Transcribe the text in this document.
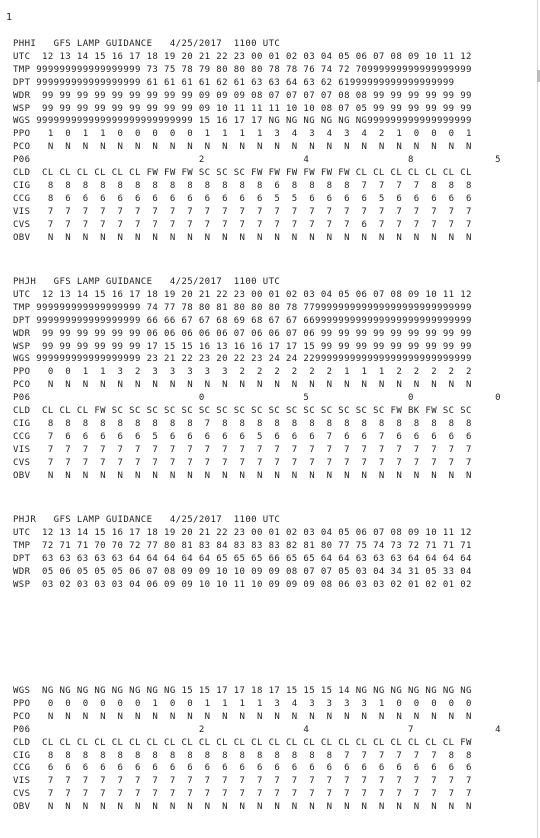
1
PHHI   GFS LAMP GUIDANCE   4/25/2017  1100 UTC
UTC  12 13 14 15 16 17 18 19 20 21 22 23 00 01 02 03 04 05 06 07 08 09 10 11 12
TMP 999999999999999999 73 75 78 79 80 80 80 78 78 76 74 72 70999999999999999999
DPT 999999999999999999 61 61 61 61 62 61 63 63 64 63 62 61999999999999999999
WDR  99 99 99 99 99 99 99 99 99 09 09 09 08 07 07 07 07 08 08 99 99 99 99 99 99
WSP  99 99 99 99 99 99 99 99 99 09 10 11 11 11 10 10 08 07 05 99 99 99 99 99 99
WGS 999999999999999999999999999 15 16 17 17 NG NG NG NG NG NG999999999999999999
PPO   1  0  1  1  0  0  0  0  0  1  1  1  1  3  4  3  4  3  4  2  1  0  0  0  1
PCO   N  N  N  N  N  N  N  N  N  N  N  N  N  N  N  N  N  N  N  N  N  N  N  N  N
P06                             2                 4                 8              5
CLD  CL CL CL CL CL CL FW FW FW SC SC SC FW FW FW FW FW FW CL CL CL CL CL CL CL
CIG   8  8  8  8  8  8  8  8  8  8  8  8  8  6  8  8  8  8  7  7  7  7  8  8  8
CCG   8  6  6  6  6  6  6  6  6  6  6  6  6  5  5  6  6  6  6  5  6  6  6  6  6
VIS   7  7  7  7  7  7  7  7  7  7  7  7  7  7  7  7  7  7  7  7  7  7  7  7  7
CVS   7  7  7  7  7  7  7  7  7  7  7  7  7  7  7  7  7  7  6  7  7  7  7  7  7
OBV   N  N  N  N  N  N  N  N  N  N  N  N  N  N  N  N  N  N  N  N  N  N  N  N  N
PHJH   GFS LAMP GUIDANCE   4/25/2017  1100 UTC
UTC  12 13 14 15 16 17 18 19 20 21 22 23 00 01 02 03 04 05 06 07 08 09 10 11 12
TMP 999999999999999999 74 77 78 80 81 80 80 80 78 77999999999999999999999999999
DPT 999999999999999999 66 66 67 67 68 69 68 67 67 66999999999999999999999999999
WDR  99 99 99 99 99 99 06 06 06 06 06 07 06 06 07 06 99 99 99 99 99 99 99 99 99
WSP  99 99 99 99 99 99 17 15 15 16 13 16 16 17 17 15 99 99 99 99 99 99 99 99 99
WGS 999999999999999999 23 21 22 23 20 22 23 24 24 22999999999999999999999999999
PPO   0  0  1  1  3  2  3  3  3  3  3  2  2  2  2  2  2  1  1  1  2  2  2  2  2
PCO   N  N  N  N  N  N  N  N  N  N  N  N  N  N  N  N  N  N  N  N  N  N  N  N  N
P06                             0                 5                 0              0
CLD  CL CL CL FW SC SC SC SC SC SC SC SC SC SC SC SC SC SC SC SC FW BK FW SC SC
CIG   8  8  8  8  8  8  8  8  8  7  8  8  8  8  8  8  8  8  8  8  8  8  8  8  8
CCG   7  6  6  6  6  6  5  6  6  6  6  6  5  6  6  6  7  6  6  7  6  6  6  6  6
VIS   7  7  7  7  7  7  7  7  7  7  7  7  7  7  7  7  7  7  7  7  7  7  7  7  7
CVS   7  7  7  7  7  7  7  7  7  7  7  7  7  7  7  7  7  7  7  7  7  7  7  7  7
OBV   N  N  N  N  N  N  N  N  N  N  N  N  N  N  N  N  N  N  N  N  N  N  N  N  N
PHJR   GFS LAMP GUIDANCE   4/25/2017  1100 UTC
UTC  12 13 14 15 16 17 18 19 20 21 22 23 00 01 02 03 04 05 06 07 08 09 10 11 12
TMP  72 71 71 70 70 72 77 80 81 83 84 83 83 83 82 81 80 77 75 74 73 72 71 71 71
DPT  63 63 63 63 63 64 64 64 64 64 65 65 65 66 65 65 64 64 63 63 63 64 64 64 64
WDR  05 06 05 05 05 06 07 08 09 09 10 10 09 09 08 07 07 05 03 04 34 31 05 33 04
WSP  03 02 03 03 03 04 06 09 09 10 10 11 10 09 09 09 08 06 03 03 02 01 02 01 02
WGS  NG NG NG NG NG NG NG NG 15 15 17 17 18 17 15 15 15 14 NG NG NG NG NG NG NG
PPO   0  0  0  0  0  0  1  0  0  1  1  1  1  3  4  3  3  3  3  1  0  0  0  0  0
PCO   N  N  N  N  N  N  N  N  N  N  N  N  N  N  N  N  N  N  N  N  N  N  N  N  N
P06                             2                 4                 7              4
CLD  CL CL CL CL CL CL CL CL CL CL CL CL CL CL CL CL CL CL CL CL CL CL CL CL FW
CIG   8  8  8  8  8  8  8  8  8  8  8  8  8  8  8  8  8  7  7  7  7  7  7  8  8
CCG   6  6  6  6  6  6  6  6  6  6  6  6  6  6  6  6  6  6  6  6  6  6  6  6  6
VIS   7  7  7  7  7  7  7  7  7  7  7  7  7  7  7  7  7  7  7  7  7  7  7  7  7
CVS   7  7  7  7  7  7  7  7  7  7  7  7  7  7  7  7  7  7  7  7  7  7  7  7  7
OBV   N  N  N  N  N  N  N  N  N  N  N  N  N  N  N  N  N  N  N  N  N  N  N  N  N
